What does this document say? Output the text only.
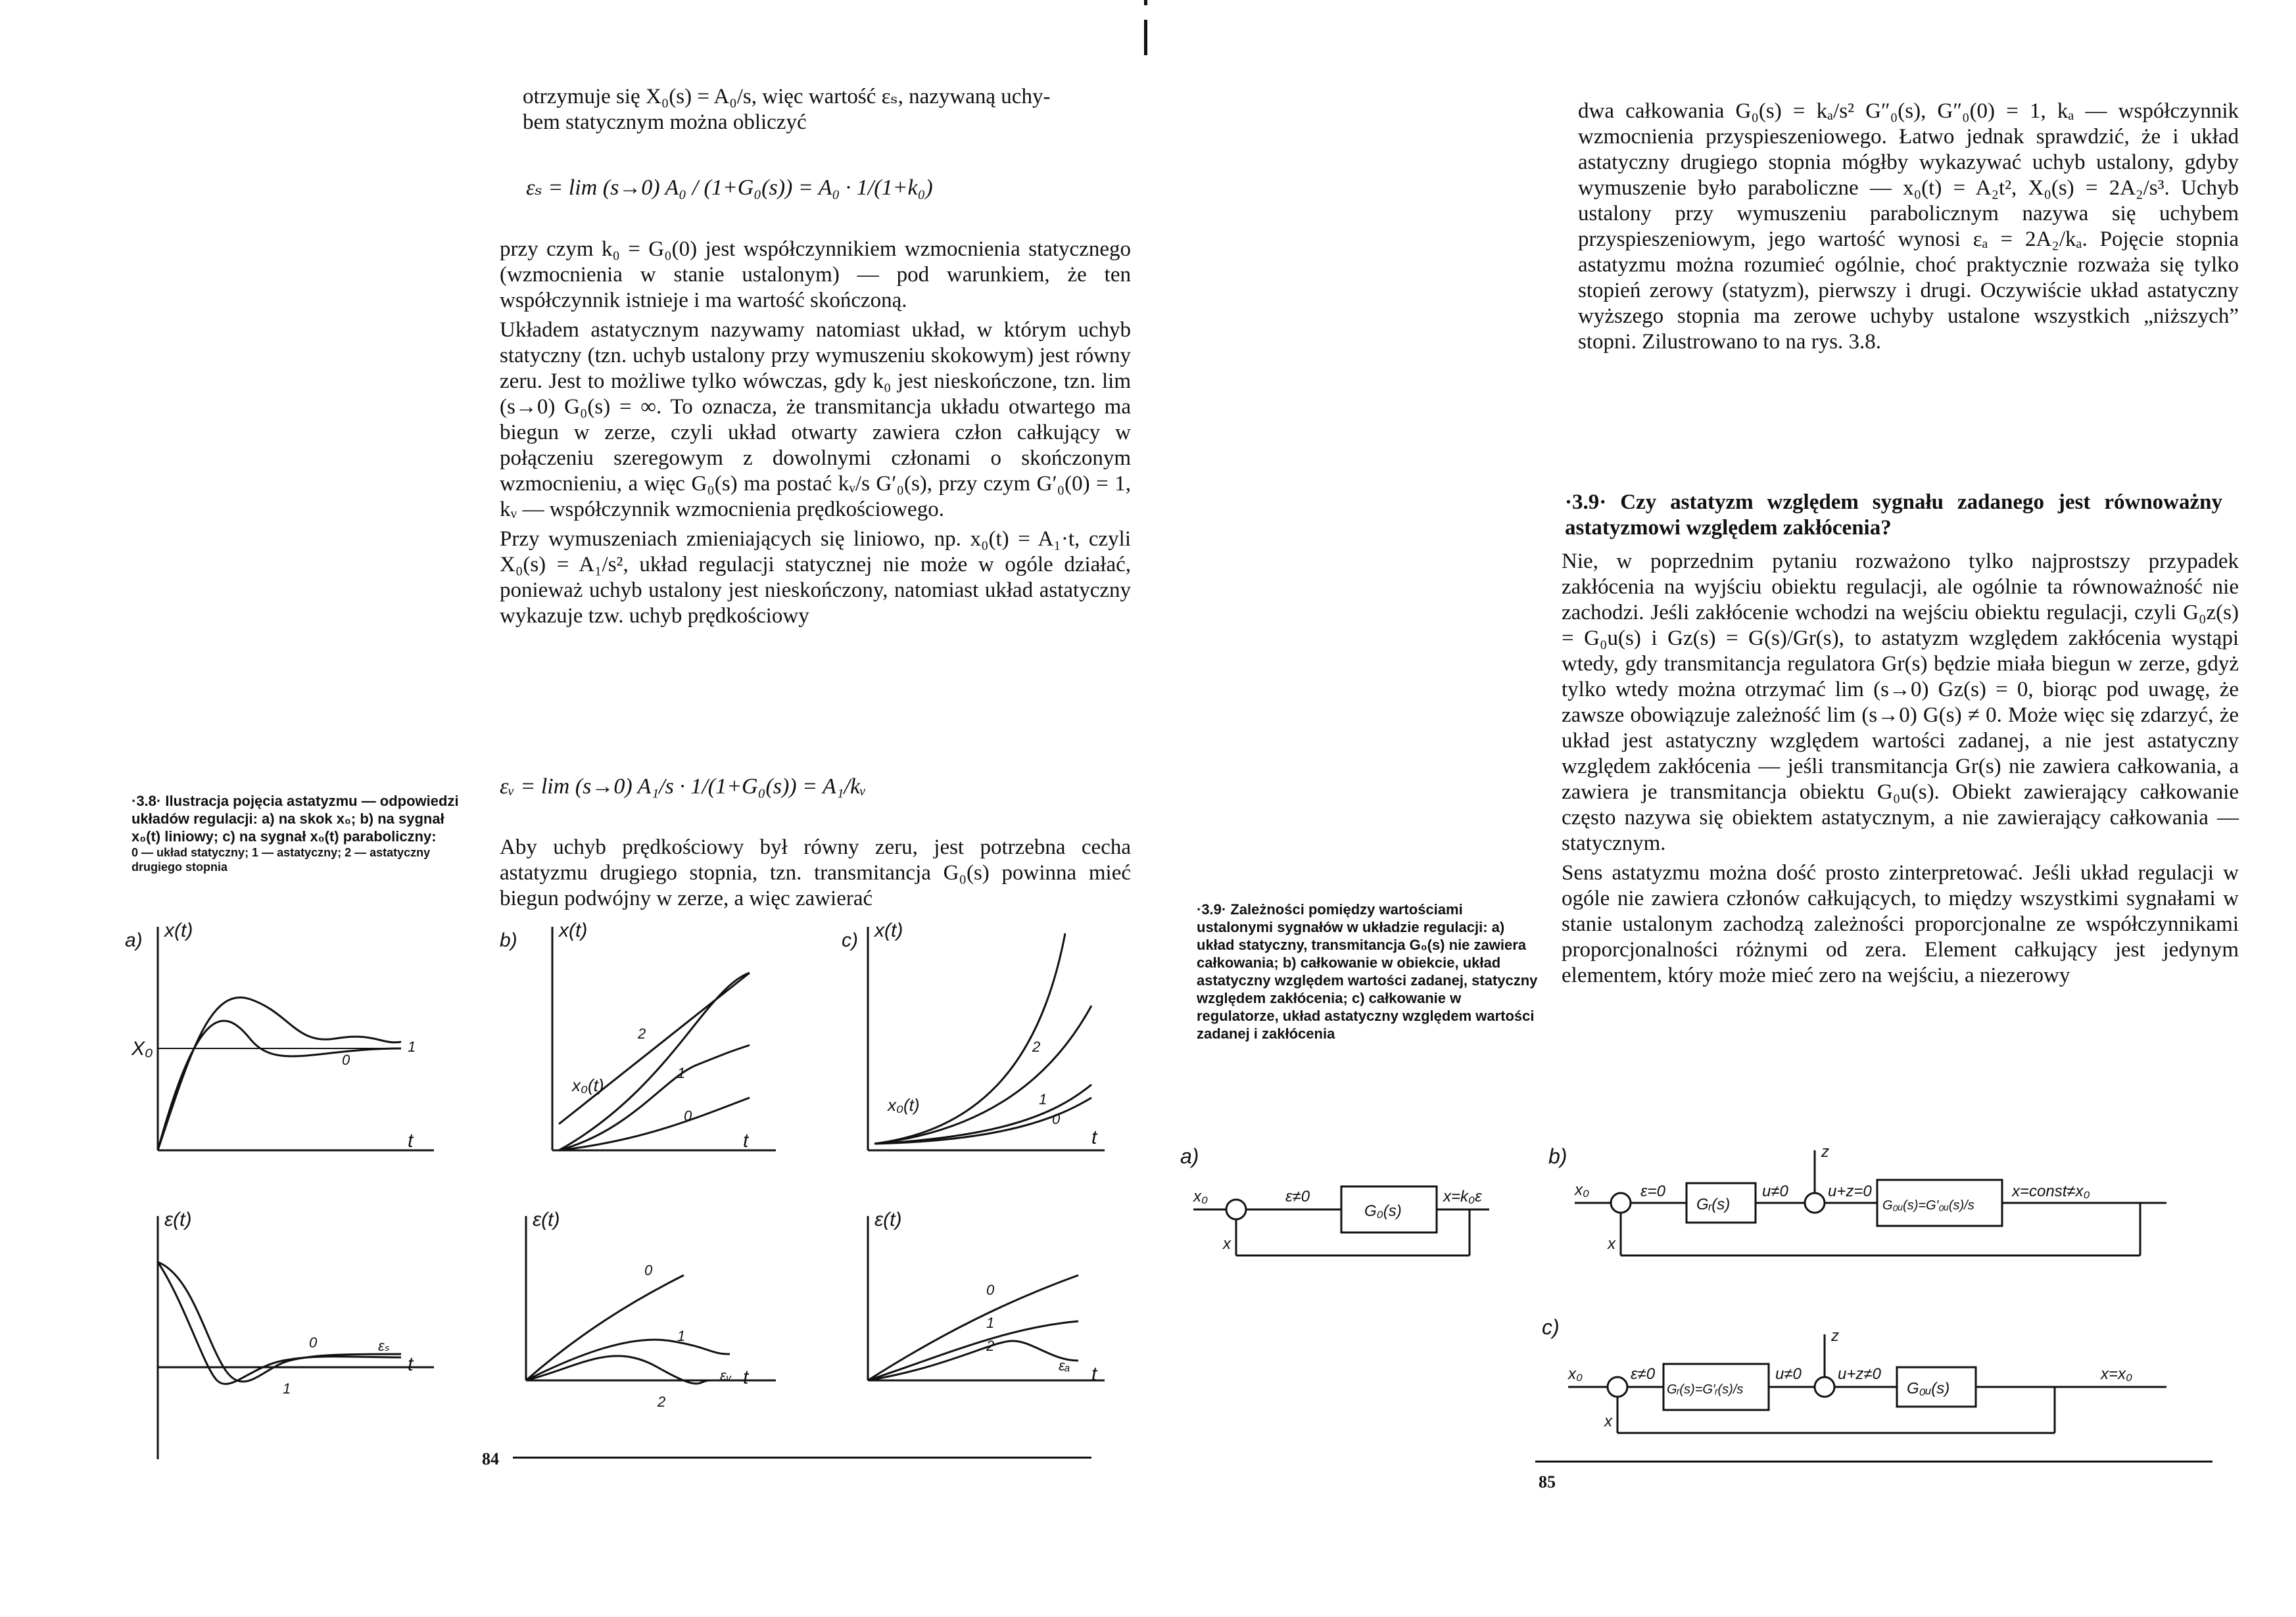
otrzymuje się X₀(s) = A₀/s, więc wartość εₛ, nazywaną uchy-

bem statycznym można obliczyć

εₛ = lim (s→0) A₀ / (1+G₀(s)) = A₀ · 1/(1+k₀)

przy czym k₀ = G₀(0) jest współczynnikiem wzmocnienia statycznego (wzmocnienia w stanie ustalonym) — pod warunkiem, że ten współczynnik istnieje i ma wartość skończoną.

Układem astatycznym nazywamy natomiast układ, w którym uchyb statyczny (tzn. uchyb ustalony przy wymuszeniu skokowym) jest równy zeru. Jest to możliwe tylko wówczas, gdy k₀ jest nieskończone, tzn. lim (s→0) G₀(s) = ∞. To oznacza, że transmitancja układu otwartego ma biegun w zerze, czyli układ otwarty zawiera człon całkujący w połączeniu szeregowym z dowolnymi członami o skończonym wzmocnieniu, a więc G₀(s) ma postać kᵥ/s G′₀(s), przy czym G′₀(0) = 1, kᵥ — współczynnik wzmocnienia prędkościowego.

Przy wymuszeniach zmieniających się liniowo, np. x₀(t) = A₁·t, czyli X₀(s) = A₁/s², układ regulacji statycznej nie może w ogóle działać, ponieważ uchyb ustalony jest nieskończony, natomiast układ astatyczny wykazuje tzw. uchyb prędkościowy

εᵥ = lim (s→0) A₁/s · 1/(1+G₀(s)) = A₁/kᵥ

Aby uchyb prędkościowy był równy zeru, jest potrzebna cecha astatyzmu drugiego stopnia, tzn. transmitancja G₀(s) powinna mieć biegun podwójny w zerze, a więc zawierać

·3.8· Ilustracja pojęcia astatyzmu — odpowiedzi układów regulacji: a) na skok x₀; b) na sygnał x₀(t) liniowy; c) na sygnał x₀(t) paraboliczny:
0 — układ statyczny; 1 — astatyczny; 2 — astatyczny drugiego stopnia
a) x(t)
X₀	1
0
t
b) x(t)
x₀(t)
2
1
0
t
c) x(t)
x₀(t)
2
1
0
t
ε(t)
0
1
εₛ
t
ε(t)
0
1
2
εᵥ t
ε(t)
0
1
2
εₐ t
84

dwa całkowania G₀(s) = kₐ/s² G″₀(s), G″₀(0) = 1, kₐ — współczynnik wzmocnienia przyspieszeniowego. Łatwo jednak sprawdzić, że i układ astatyczny drugiego stopnia mógłby wykazywać uchyb ustalony, gdyby wymuszenie było paraboliczne — x₀(t) = A₂t², X₀(s) = 2A₂/s³. Uchyb ustalony przy wymuszeniu parabolicznym nazywa się uchybem przyspieszeniowym, jego wartość wynosi εₐ = 2A₂/kₐ. Pojęcie stopnia astatyzmu można rozumieć ogólnie, choć praktycznie rozważa się tylko stopień zerowy (statyzm), pierwszy i drugi. Oczywiście układ astatyczny wyższego stopnia ma zerowe uchyby ustalone wszystkich „niższych” stopni. Zilustrowano to na rys. 3.8.

·3.9· Czy astatyzm względem sygnału zadanego jest równoważny astatyzmowi względem zakłócenia?

Nie, w poprzednim pytaniu rozważono tylko najprostszy przypadek zakłócenia na wyjściu obiektu regulacji, ale ogólnie ta równoważność nie zachodzi. Jeśli zakłócenie wchodzi na wejściu obiektu regulacji, czyli G₀z(s) = G₀u(s) i Gz(s) = G(s)/Gr(s), to astatyzm względem zakłócenia wystąpi wtedy, gdy transmitancja regulatora Gr(s) będzie miała biegun w zerze, gdyż tylko wtedy można otrzymać lim (s→0) Gz(s) = 0, biorąc pod uwagę, że zawsze obowiązuje zależność lim (s→0) G(s) ≠ 0. Może więc się zdarzyć, że układ jest astatyczny względem wartości zadanej, a nie jest astatyczny względem zakłócenia — jeśli transmitancja Gr(s) nie zawiera całkowania, a zawiera je transmitancja obiektu G₀u(s). Obiekt zawierający całkowanie często nazywa się obiektem astatycznym, a nie zawierający całkowania — statycznym.

Sens astatyzmu można dość prosto zinterpretować. Jeśli układ regulacji w ogóle nie zawiera członów całkujących, to między wszystkimi sygnałami w stanie ustalonym zachodzą zależności proporcjonalne ze współczynnikami proporcjonalności różnymi od zera. Element całkujący jest jedynym elementem, który może mieć zero na wejściu, a niezerowy

·3.9· Zależności pomiędzy wartościami ustalonymi sygnałów w układzie regulacji: a) układ statyczny, transmitancja G₀(s) nie zawiera całkowania; b) całkowanie w obiekcie, układ astatyczny względem wartości zadanej, statyczny względem zakłócenia; c) całkowanie w regulatorze, układ astatyczny względem wartości zadanej i zakłócenia
a)
x₀	ε≠0
G₀(s)
x=k₀ε
x
b)
x₀	ε=0
Gᵣ(s)
u≠0
z
u+z=0
G₀ᵤ(s)=G′₀ᵤ(s)/s
x=const≠x₀
x
c)
x₀	ε≠0
Gᵣ(s)=G′ᵣ(s)/s
u≠0
z
u+z≠0
G₀ᵤ(s)
x=x₀
x
85
